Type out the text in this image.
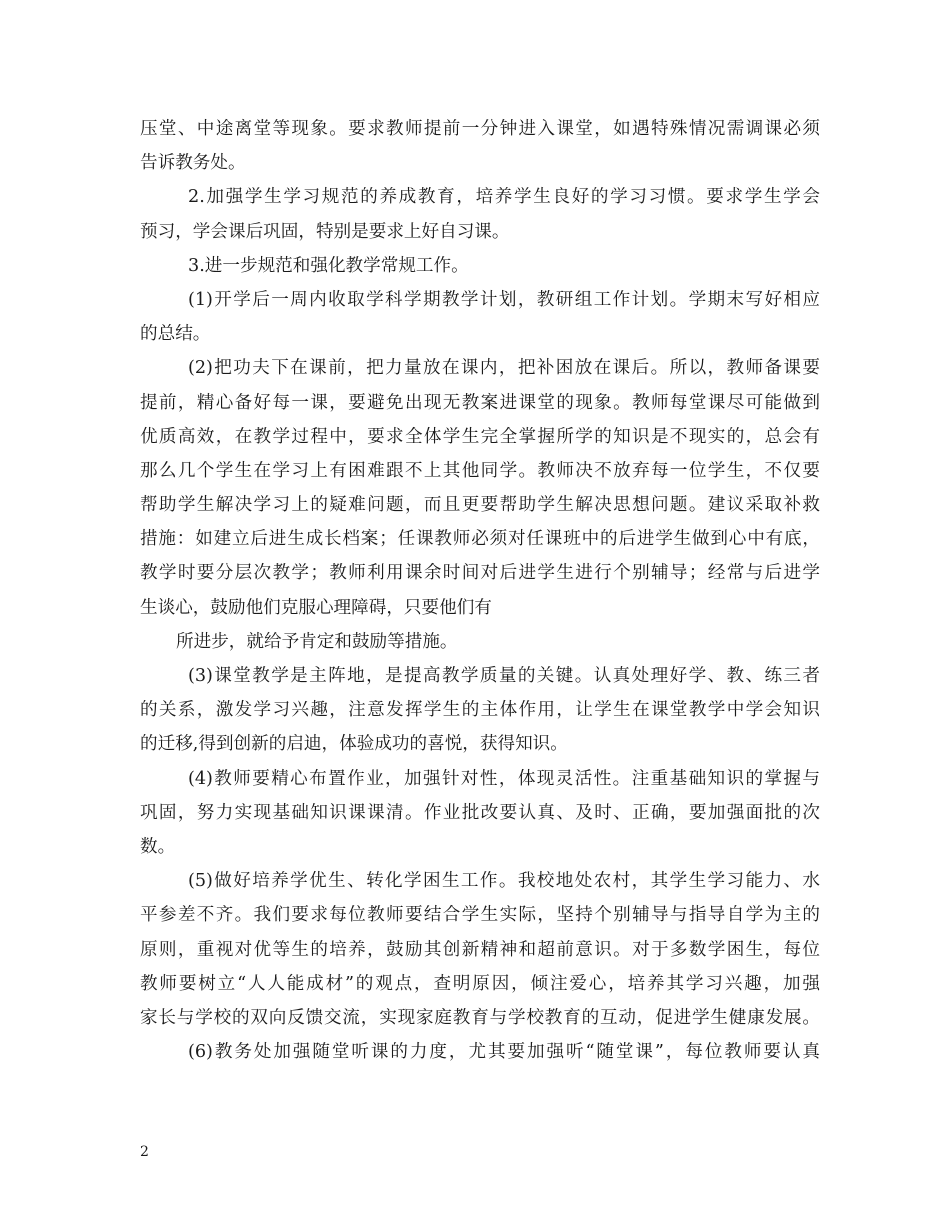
压堂、中途离堂等现象。要求教师提前一分钟进入课堂，如遇特殊情况需调课必须
告诉教务处。
2.加强学生学习规范的养成教育，培养学生良好的学习习惯。要求学生学会
预习，学会课后巩固，特别是要求上好自习课。
3.进一步规范和强化教学常规工作。
(1)开学后一周内收取学科学期教学计划，教研组工作计划。学期末写好相应
的总结。
(2)把功夫下在课前，把力量放在课内，把补困放在课后。所以，教师备课要
提前，精心备好每一课，要避免出现无教案进课堂的现象。教师每堂课尽可能做到
优质高效，在教学过程中，要求全体学生完全掌握所学的知识是不现实的，总会有
那么几个学生在学习上有困难跟不上其他同学。教师决不放弃每一位学生，不仅要
帮助学生解决学习上的疑难问题，而且更要帮助学生解决思想问题。建议采取补救
措施：如建立后进生成长档案；任课教师必须对任课班中的后进学生做到心中有底，
教学时要分层次教学；教师利用课余时间对后进学生进行个别辅导；经常与后进学
生谈心，鼓励他们克服心理障碍，只要他们有
所进步，就给予肯定和鼓励等措施。
(3)课堂教学是主阵地，是提高教学质量的关键。认真处理好学、教、练三者
的关系，激发学习兴趣，注意发挥学生的主体作用，让学生在课堂教学中学会知识
的迁移,得到创新的启迪，体验成功的喜悦，获得知识。
(4)教师要精心布置作业，加强针对性，体现灵活性。注重基础知识的掌握与
巩固，努力实现基础知识课课清。作业批改要认真、及时、正确，要加强面批的次
数。
(5)做好培养学优生、转化学困生工作。我校地处农村，其学生学习能力、水
平参差不齐。我们要求每位教师要结合学生实际，坚持个别辅导与指导自学为主的
原则，重视对优等生的培养，鼓励其创新精神和超前意识。对于多数学困生，每位
教师要树立“人人能成材”的观点，查明原因，倾注爱心，培养其学习兴趣，加强
家长与学校的双向反馈交流，实现家庭教育与学校教育的互动，促进学生健康发展。
(6)教务处加强随堂听课的力度，尤其要加强听“随堂课”，每位教师要认真
2
